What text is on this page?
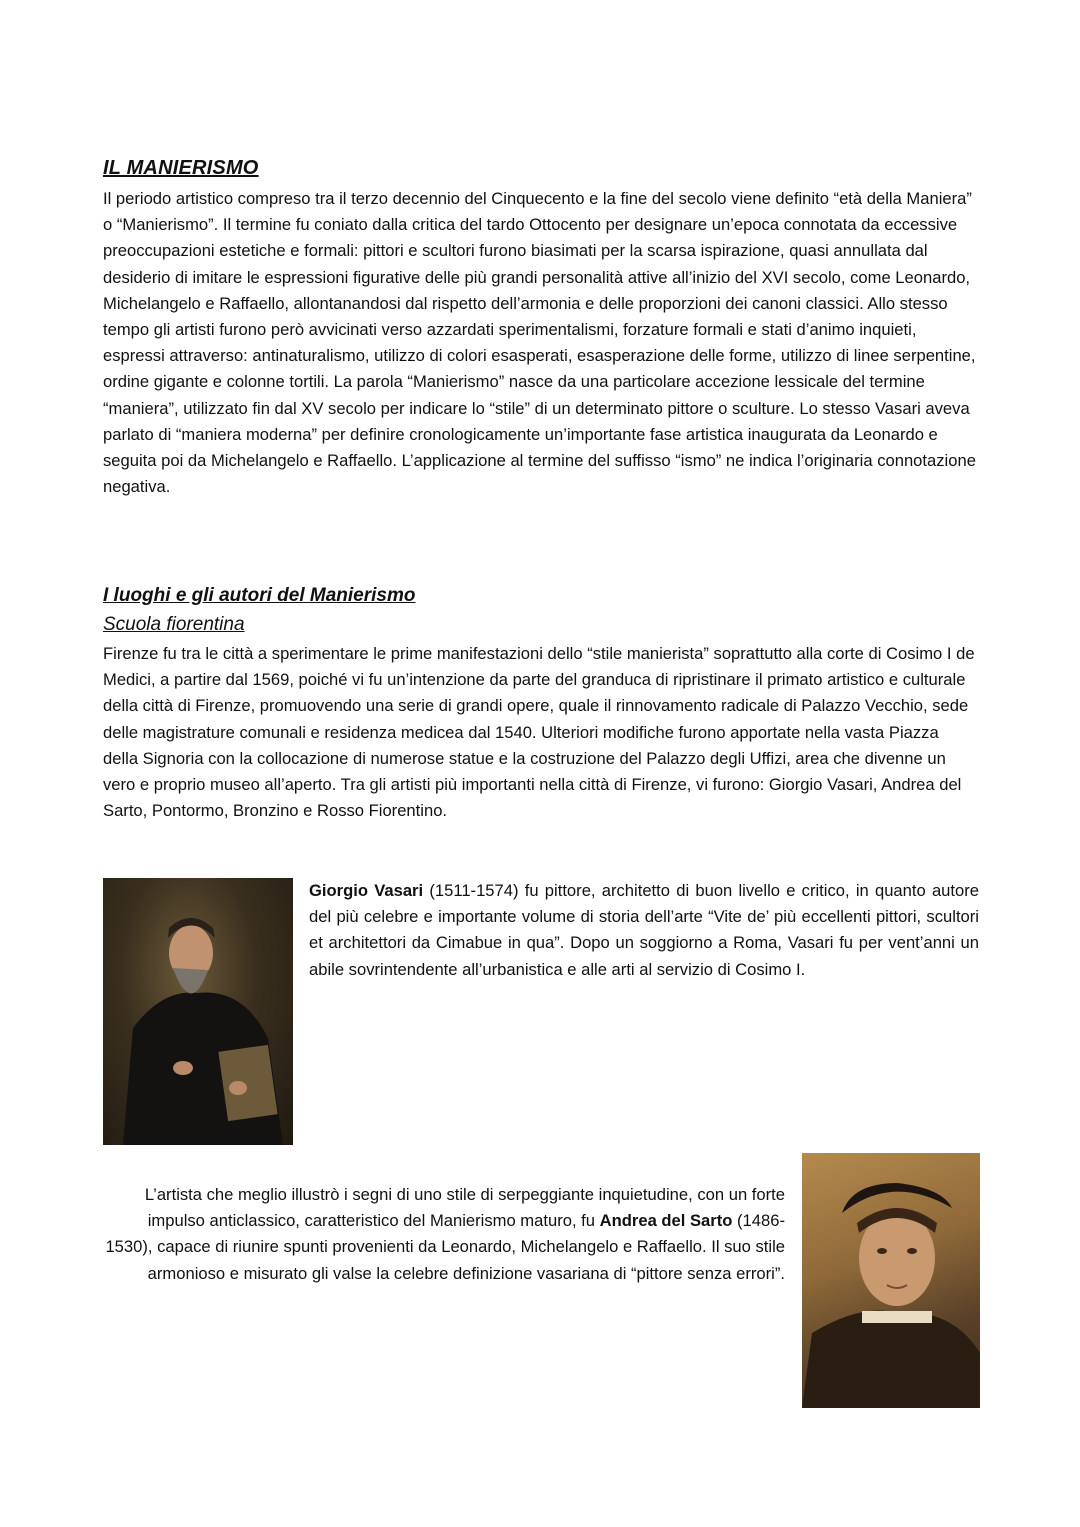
IL MANIERISMO

Il periodo artistico compreso tra il terzo decennio del Cinquecento e la fine del secolo viene definito “età della Maniera” o “Manierismo”. Il termine fu coniato dalla critica del tardo Ottocento per designare un’epoca connotata da eccessive preoccupazioni estetiche e formali: pittori e scultori furono biasimati per la scarsa ispirazione, quasi annullata dal desiderio di imitare le espressioni figurative delle più grandi personalità attive all’inizio del XVI secolo, come Leonardo, Michelangelo e Raffaello, allontanandosi dal rispetto dell’armonia e delle proporzioni dei canoni classici. Allo stesso tempo gli artisti furono però avvicinati verso azzardati sperimentalismi, forzature formali e stati d’animo inquieti, espressi attraverso: antinaturalismo, utilizzo di colori esasperati, esasperazione delle forme, utilizzo di linee serpentine, ordine gigante e colonne tortili. La parola “Manierismo” nasce da una particolare accezione lessicale del termine “maniera”, utilizzato fin dal XV secolo per indicare lo “stile” di un determinato pittore o sculture. Lo stesso Vasari aveva parlato di “maniera moderna” per definire cronologicamente un’importante fase artistica inaugurata da Leonardo e seguita poi da Michelangelo e Raffaello. L’applicazione al termine del suffisso “ismo” ne indica l’originaria connotazione negativa.

I luoghi e gli autori del Manierismo
Scuola fiorentina

Firenze fu tra le città a sperimentare le prime manifestazioni dello “stile manierista” soprattutto alla corte di Cosimo I de Medici, a partire dal 1569, poiché vi fu un’intenzione da parte del granduca di ripristinare il primato artistico e culturale della città di Firenze, promuovendo una serie di grandi opere, quale il rinnovamento radicale di Palazzo Vecchio, sede delle magistrature comunali e residenza medicea dal 1540. Ulteriori modifiche furono apportate nella vasta Piazza della Signoria con la collocazione di numerose statue e la costruzione del Palazzo degli Uffizi, area che divenne un vero e proprio museo all’aperto. Tra gli artisti più importanti nella città di Firenze, vi furono: Giorgio Vasari, Andrea del Sarto, Pontormo, Bronzino e Rosso Fiorentino.

Giorgio Vasari (1511-1574) fu pittore, architetto di buon livello e critico, in quanto autore del più celebre e importante volume di storia dell’arte “Vite de’ più eccellenti pittori, scultori et architettori da Cimabue in qua”. Dopo un soggiorno a Roma, Vasari fu per vent’anni un abile sovrintendente all’urbanistica e alle arti al servizio di Cosimo I.

L’artista che meglio illustrò i segni di uno stile di serpeggiante inquietudine, con un forte impulso anticlassico, caratteristico del Manierismo maturo, fu Andrea del Sarto (1486-1530), capace di riunire spunti provenienti da Leonardo, Michelangelo e Raffaello. Il suo stile armonioso e misurato gli valse la celebre definizione vasariana di “pittore senza errori”.
